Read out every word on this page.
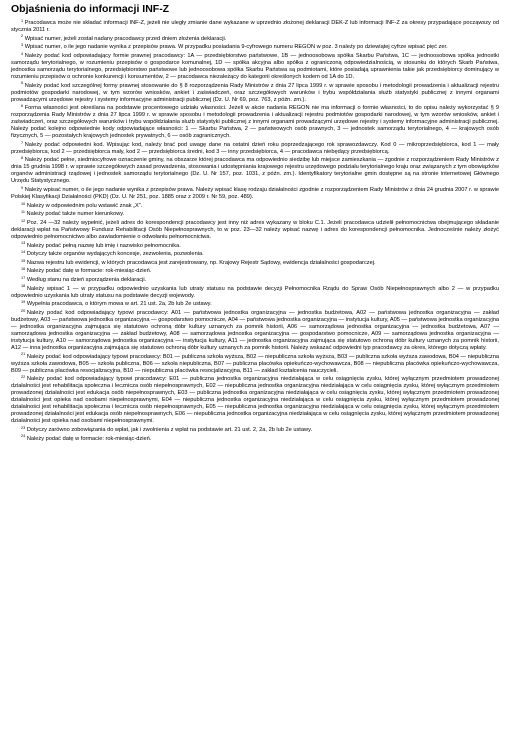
Objaśnienia do informacji INF-Z

$^1$ Pracodawca może nie składać informacji INF-Z, jeżeli nie uległy zmianie dane wykazane w uprzednio złożonej deklaracji DEK-Z lub informacji INF-Z za okresy przypadające począwszy od stycznia 2011 r.

$^2$ Wpisać numer, jeżeli został nadany pracodawcy przed dniem złożenia deklaracji.

$^3$ Wpisać numer, o ile jego nadanie wynika z przepisów prawa. W przypadku posiadania 9-cyfrowego numeru REGON w poz. 3 należy po dziewiątej cyfrze wpisać pięć zer.

$^4$ Należy podać kod odpowiadający formie prawnej pracodawcy: 1A — przedsiębiorstwo państwowe, 1B — jednoosobowa spółka Skarbu Państwa, 1C — jednoosobowa spółka jednostki samorządu terytorialnego, w rozumieniu przepisów o gospodarce komunalnej, 1D — spółka akcyjna albo spółka z ograniczoną odpowiedzialnością, w stosunku do których Skarb Państwa, jednostka samorządu terytorialnego, przedsiębiorstwo państwowe lub jednoosobowa spółka Skarbu Państwa są podmiotami, które posiadają uprawnienia takie jak przedsiębiorcy dominujący w rozumieniu przepisów o ochronie konkurencji i konsumentów, 2 — pracodawca niezależący do kategorii określonych kodem od 1A do 1D.

$^5$ Należy podać kod szczególnej formy prawnej stosowanie do § 8 rozporządzenia Rady Ministrów z dnia 27 lipca 1999 r. w sprawie sposobu i metodologii prowadzenia i aktualizacji rejestru podmiotów gospodarki narodowej, w tym wzorów wniosków, ankiet i zaświadczeń, oraz szczegółowych warunków i trybu współdziałania służb statystyki publicznej z innymi organami prowadzącymi urzędowe rejestry i systemy informacyjne administracji publicznej (Dz. U. Nr 69, poz. 763, z późn. zm.).

$^6$ Forma własności jest określana na podstawie procentowego udziału własności. Jeżeli w akcie nadania REGON nie ma informacji o formie własności, to do opisu należy wykorzystać § 9 rozporządzenia Rady Ministrów z dnia 27 lipca 1999 r. w sprawie sposobu i metodologii prowadzenia i aktualizacji rejestru podmiotów gospodarki narodowej, w tym wzorów wniosków, ankiet i zaświadczeń, oraz szczegółowych warunków i trybu współdziałania służb statystyki publicznej z innymi organami prowadzącymi urzędowe rejestry i systemy informacyjne administracji publicznej. Należy podać kolejno odpowiednie kody odpowiadające własności: 1 — Skarbu Państwa, 2 — państwowych osób prawnych, 3 — jednostek samorządu terytorialnego, 4 — krajowych osób fizycznych, 5 — pozostałych krajowych jednostek prywatnych, 6 — osób zagranicznych.

$^7$ Należy podać odpowiedni kod. Wpisując kod, należy brać pod uwagę dane na ostatni dzień roku poprzedzającego rok sprawozdawczy. Kod 0 — mikroprzedsiębiorca, kod 1 — mały przedsiębiorca, kod 2 — przedsiębiorca mały, kod 2 — przedsiębiorca średni, kod 3 — inny przedsiębiorca, 4 — pracodawca niebędący przedsiębiorcą.

$^8$ Należy podać pełne, siedmiocyfrowe oznaczenie gminy, na obszarze której pracodawca ma odpowiednio siedzibę lub miejsce zamieszkania — zgodnie z rozporządzeniem Rady Ministrów z dnia 15 grudnia 1998 r. w sprawie szczegółowych zasad prowadzenia, stosowania i udostępniania krajowego rejestru urzędowego podziału terytorialnego kraju oraz związanych z tym obowiązków organów administracji rządowej i jednostek samorządu terytorialnego (Dz. U. Nr 157, poz. 1031, z późn. zm.). Identyfikatory terytorialne gmin dostępne są na stronie internetowej Głównego Urzędu Statystycznego.

$^9$ Należy wpisać numer, o ile jego nadanie wynika z przepisów prawa. Należy wpisać klasę rodzaju działalności zgodnie z rozporządzeniem Rady Ministrów z dnia 24 grudnia 2007 r. w sprawie Polskiej Klasyfikacji Działalności (PKD) (Dz. U. Nr 251, poz. 1885 oraz z 2009 r. Nr 59, poz. 489).

$^{10}$ Należy w odpowiednim polu wstawić znak „X”.

$^{11}$ Należy podać także numer kierunkowy.

$^{12}$ Poz. 24 —32 należy wypełnić, jeżeli adres do korespondencji pracodawcy jest inny niż adres wykazany w bloku C.1. Jeżeli pracodawca udzielił pełnomocnictwa obejmującego składanie deklaracji wpłat na Państwowy Fundusz Rehabilitacji Osób Niepełnosprawnych, to w poz. 23—32 należy wpisać nazwę i adres do korespondencji pełnomocnika. Jednocześnie należy złożyć odpowiednio pełnomocnictwo albo zawiadomienie o odwołaniu pełnomocnictwa.

$^{13}$ Należy podać pełną nazwę lub imię i nazwisko pełnomocnika.

$^{14}$ Dotyczy także organów wydających koncesje, zezwolenia, pozwolenia.

$^{15}$ Nazwa rejestru lub ewidencji, w których pracodawca jest zarejestrowany, np. Krajowy Rejestr Sądowy, ewidencja działalności gospodarczej.

$^{16}$ Należy podać datę w formacie: rok-miesiąc-dzień.

$^{17}$ Według stanu na dzień sporządzenia deklaracji.

$^{18}$ Należy wpisać 1 — w przypadku odpowiednio uzyskania lub utraty statusu na podstawie decyzji Pełnomocnika Rządu do Spraw Osób Niepełnosprawnych albo 2 — w przypadku odpowiednio uzyskania lub utraty statusu na podstawie decyzji wojewody.

$^{19}$ Wypełnia pracodawca, o którym mowa w art. 21 ust. 2a, 2b lub 2e ustawy.

$^{20}$ Należy podać kod odpowiadający typowi pracodawcy: A01 — państwowa jednostka organizacyjna — jednostka budżetowa, A02 — państwowa jednostka organizacyjna — zakład budżetowy, A03 — państwowa jednostka organizacyjna — gospodarstwo pomocnicze, A04 — państwowa jednostka organizacyjna — instytucja kultury, A05 — państwowa jednostka organizacyjna — jednostka organizacyjna zajmująca się statutowo ochroną dóbr kultury uznanych za pomnik historii, A06 — samorządowa jednostka organizacyjna — jednostka budżetowa, A07 — samorządowa jednostka organizacyjna — zakład budżetowy, A08 — samorządowa jednostka organizacyjna — gospodarstwo pomocnicze, A09 — samorządowa jednostka organizacyjna — instytucja kultury, A10 — samorządowa jednostka organizacyjna — instytucja kultury, A11 — jednostka organizacyjna zajmująca się statutowo ochroną dóbr kultury uznanych za pomnik historii, A12 — inna jednostka organizacyjna zajmująca się statutowo ochroną dóbr kultury uznanych za pomnik historii. Należy wskazać odpowiedni typ pracodawcy za okres, którego dotyczą wpłaty.

$^{21}$ Należy podać kod odpowiadający typowi pracodawcy: B01 — publiczna szkoła wyższa, B02 — niepubliczna szkoła wyższa, B03 — publiczna szkoła wyższa zawodowa, B04 — niepubliczna wyższa szkoła zawodowa, B05 — szkoła publiczna, B06 — szkoła niepubliczna, B07 — publiczna placówka opiekuńczo-wychowawcza, B08 — niepubliczna placówka opiekuńczo-wychowawcza, B09 — publiczna placówka resocjalizacyjna, B10 — niepubliczna placówka resocjalizacyjna, B11 — zakład kształcenia nauczycieli.

$^{22}$ Należy podać kod odpowiadający typowi pracodawcy: E01 — publiczna jednostka organizacyjna niedziałająca w celu osiągnięcia zysku, której wyłącznym przedmiotem prowadzonej działalności jest rehabilitacja społeczna i lecznicza osób niepełnosprawnych, E02 — niepubliczna jednostka organizacyjna niedziałająca w celu osiągnięcia zysku, której wyłącznym przedmiotem prowadzonej działalności jest edukacja osób niepełnosprawnych, E03 — publiczna jednostka organizacyjna niedziałająca w celu osiągnięcia zysku, której wyłącznym przedmiotem prowadzonej działalności jest opieka nad osobami niepełnosprawnymi, E04 — niepubliczna jednostka organizacyjna niedziałająca w celu osiągnięcia zysku, której wyłącznym przedmiotem prowadzonej działalności jest rehabilitacja społeczna i lecznicza osób niepełnosprawnych, E05 — niepubliczna jednostka organizacyjna niedziałająca w celu osiągnięcia zysku, której wyłącznym przedmiotem prowadzonej działalności jest edukacja osób niepełnosprawnych, E06 — niepubliczna jednostka organizacyjna niedziałająca w celu osiągnięcia zysku, której wyłącznym przedmiotem prowadzonej działalności jest opieka nad osobami niepełnosprawnymi.

$^{23}$ Dotyczy zarówno zobowiązania do wpłat, jak i zwolnienia z wpłat na podstawie art. 21 ust. 2, 2a, 2b lub 2e ustawy.

$^{24}$ Należy podać datę w formacie: rok-miesiąc-dzień.
